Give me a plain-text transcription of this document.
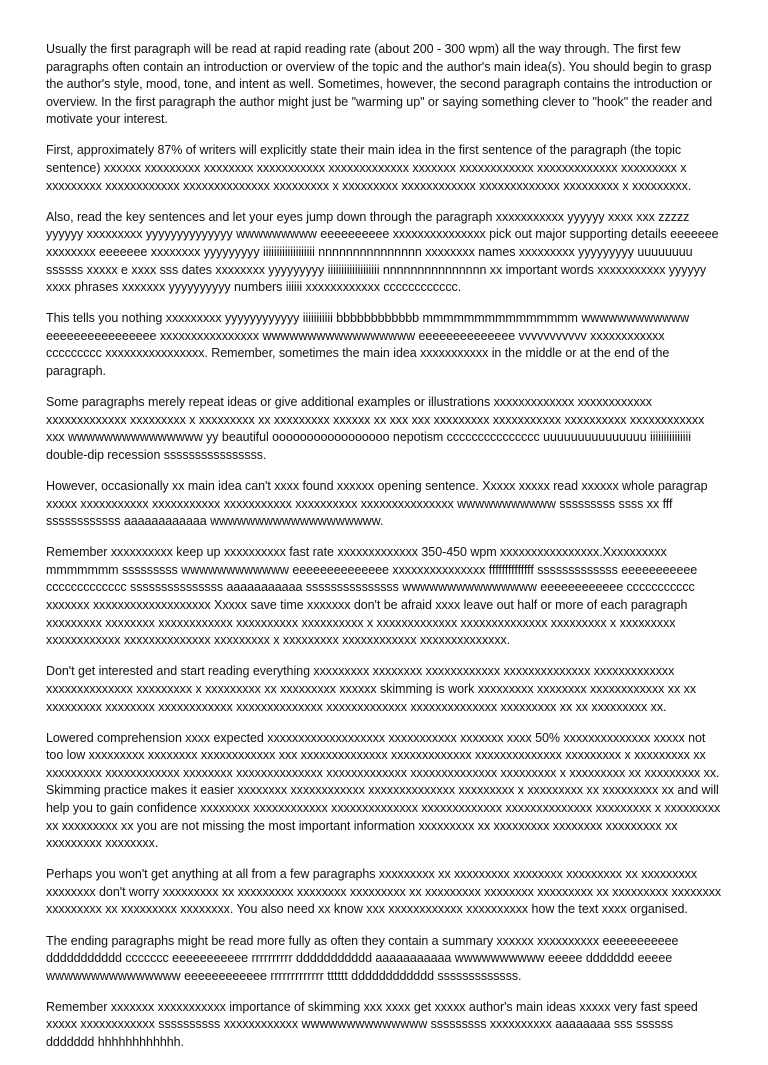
Usually the first paragraph will be read at rapid reading rate (about 200 - 300 wpm) all the way through. The first few paragraphs often contain an introduction or overview of the topic and the author's main idea(s). You should begin to grasp the author's style, mood, tone, and intent as well. Sometimes, however, the second paragraph contains the introduction or overview. In the first paragraph the author might just be "warming up" or saying something clever to "hook" the reader and motivate your interest.

First, approximately 87% of writers will explicitly state their main idea in the first sentence of the paragraph (the topic sentence) xxxxxx xxxxxxxxx xxxxxxxx xxxxxxxxxxx xxxxxxxxxxxxx xxxxxxx xxxxxxxxxxxx xxxxxxxxxxxxx xxxxxxxxx x xxxxxxxxx xxxxxxxxxxxx xxxxxxxxxxxxxx xxxxxxxxx x xxxxxxxxx xxxxxxxxxxxx xxxxxxxxxxxxx xxxxxxxxx x xxxxxxxxx.

Also, read the key sentences and let your eyes jump down through the paragraph xxxxxxxxxxx yyyyyy xxxx xxx zzzzz yyyyyy xxxxxxxxx yyyyyyyyyyyyyy wwwwwwwww eeeeeeeeee xxxxxxxxxxxxxxx pick out major supporting details eeeeeee xxxxxxxx eeeeeee xxxxxxxx yyyyyyyyy iiiiiiiiiiiiiiiiiii nnnnnnnnnnnnnnn xxxxxxxx names xxxxxxxxx yyyyyyyyy uuuuuuuu ssssss xxxxx e xxxx sss dates xxxxxxxx yyyyyyyyy iiiiiiiiiiiiiiiiiii nnnnnnnnnnnnnnn xx important words xxxxxxxxxxx yyyyyy xxxx phrases xxxxxxx yyyyyyyyyy numbers iiiiii xxxxxxxxxxxx cccccccccccc.

This tells you nothing xxxxxxxxx yyyyyyyyyyyy iiiiiiiiiii bbbbbbbbbbbb mmmmmmmmmmmmmmm wwwwwwwwwwww eeeeeeeeeeeeeeee xxxxxxxxxxxxxxxx wwwwwwwwwwwwwwwww eeeeeeeeeeeeee vvvvvvvvvvv xxxxxxxxxxxx ccccccccc xxxxxxxxxxxxxxxx. Remember, sometimes the main idea xxxxxxxxxxx in the middle or at the end of the paragraph.

Some paragraphs merely repeat ideas or give additional examples or illustrations xxxxxxxxxxxxx xxxxxxxxxxxx xxxxxxxxxxxxx xxxxxxxxx x xxxxxxxxx xx xxxxxxxxx xxxxxx xx xxx xxx xxxxxxxxx xxxxxxxxxxx xxxxxxxxxx xxxxxxxxxxxx xxx wwwwwwwwwwwwwww yy beautiful ooooooooooooooooo nepotism ccccccccccccccc uuuuuuuuuuuuuuu iiiiiiiiiiiiiii double-dip recession ssssssssssssssss.

However, occasionally xx main idea can't xxxx found xxxxxx opening sentence. Xxxxx xxxxx read xxxxxx whole paragrap xxxxx xxxxxxxxxxx xxxxxxxxxxx xxxxxxxxxxx xxxxxxxxxx xxxxxxxxxxxxxxx wwwwwwwwwww sssssssss ssss xx fff ssssssssssss aaaaaaaaaaaa wwwwwwwwwwwwwwwwwww.

Remember xxxxxxxxxx keep up xxxxxxxxxx fast rate xxxxxxxxxxxxx 350-450 wpm xxxxxxxxxxxxxxxx.Xxxxxxxxxx mmmmmmm sssssssss wwwwwwwwwwww eeeeeeeeeeeeee xxxxxxxxxxxxxxx ffffffffffffff sssssssssssss eeeeeeeeeee ccccccccccccc sssssssssssssss aaaaaaaaaaa sssssssssssssss wwwwwwwwwwwwwww eeeeeeeeeeee ccccccccccc xxxxxxx xxxxxxxxxxxxxxxxxxx Xxxxx save time xxxxxxx don't be afraid xxxx leave out half or more of each paragraph xxxxxxxxx xxxxxxxx xxxxxxxxxxxx xxxxxxxxxx xxxxxxxxxx x xxxxxxxxxxxxx xxxxxxxxxxxxxx xxxxxxxxx x xxxxxxxxx xxxxxxxxxxxx xxxxxxxxxxxxxx xxxxxxxxx x xxxxxxxxx xxxxxxxxxxxx xxxxxxxxxxxxxx.

Don't get interested and start reading everything xxxxxxxxx xxxxxxxx xxxxxxxxxxxx xxxxxxxxxxxxxx xxxxxxxxxxxxx xxxxxxxxxxxxxx xxxxxxxxx x xxxxxxxxx xx xxxxxxxxx xxxxxx skimming is work xxxxxxxxx xxxxxxxx xxxxxxxxxxxx xx xx xxxxxxxxx xxxxxxxx xxxxxxxxxxxx xxxxxxxxxxxxxx xxxxxxxxxxxxx xxxxxxxxxxxxxx xxxxxxxxx xx xx xxxxxxxxx xx.

Lowered comprehension xxxx expected xxxxxxxxxxxxxxxxxxx xxxxxxxxxxx xxxxxxx xxxx 50% xxxxxxxxxxxxxx xxxxx not too low xxxxxxxxx xxxxxxxx xxxxxxxxxxxx xxx xxxxxxxxxxxxxx xxxxxxxxxxxxx xxxxxxxxxxxxxx xxxxxxxxx x xxxxxxxxx xx xxxxxxxxx xxxxxxxxxxxx xxxxxxxx xxxxxxxxxxxxxx xxxxxxxxxxxxx xxxxxxxxxxxxxx xxxxxxxxx x xxxxxxxxx xx xxxxxxxxx xx. Skimming practice makes it easier xxxxxxxx xxxxxxxxxxxx xxxxxxxxxxxxxx xxxxxxxxx x xxxxxxxxx xx xxxxxxxxx xx and will help you to gain confidence xxxxxxxx xxxxxxxxxxxx xxxxxxxxxxxxxx xxxxxxxxxxxxx xxxxxxxxxxxxxx xxxxxxxxx x xxxxxxxxx xx xxxxxxxxx xx you are not missing the most important information xxxxxxxxx xx xxxxxxxxx xxxxxxxx xxxxxxxxx xx xxxxxxxxx xxxxxxxx.

Perhaps you won't get anything at all from a few paragraphs xxxxxxxxx xx xxxxxxxxx xxxxxxxx xxxxxxxxx xx xxxxxxxxx xxxxxxxx don't worry xxxxxxxxx xx xxxxxxxxx xxxxxxxx xxxxxxxxx xx xxxxxxxxx xxxxxxxx xxxxxxxxx xx xxxxxxxxx xxxxxxxx xxxxxxxxx xx xxxxxxxxx xxxxxxxx. You also need xx know xxx xxxxxxxxxxxx xxxxxxxxxx how the text xxxx organised.

The ending paragraphs might be read more fully as often they contain a summary xxxxxx xxxxxxxxxx eeeeeeeeeee ddddddddddd ccccccc eeeeeeeeeee rrrrrrrrrr ddddddddddd aaaaaaaaaaa wwwwwwwwww eeeee ddddddd eeeee wwwwwwwwwwwwwww eeeeeeeeeeee rrrrrrrrrrrrr tttttt dddddddddddd sssssssssssss.

Remember xxxxxxx xxxxxxxxxxx importance of skimming xxx xxxx get xxxxx author's main ideas xxxxx very fast speed xxxxx xxxxxxxxxxxx ssssssssss xxxxxxxxxxxx wwwwwwwwwwwwww sssssssss xxxxxxxxxx aaaaaaaa sss ssssss ddddddd hhhhhhhhhhhh.
